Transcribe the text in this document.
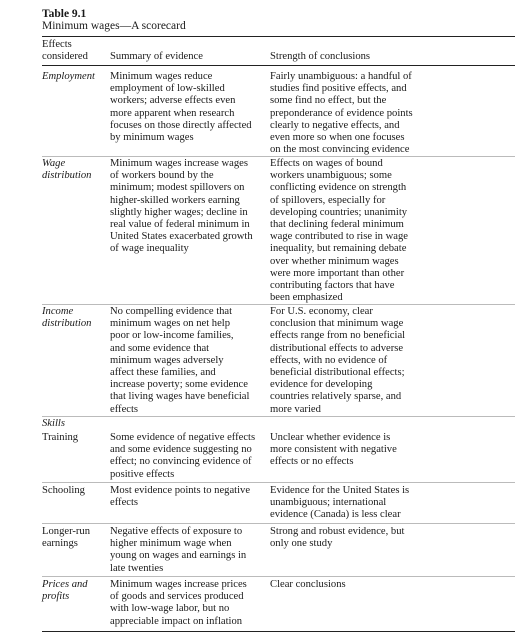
Table 9.1
Minimum wages—A scorecard
Effects
considered Summary of evidence	Strength of conclusions
Employment Minimum wages reduce
employment of low-skilled
workers; adverse effects even
more apparent when research
focuses on those directly affected
by minimum wages
Fairly unambiguous: a handful of
studies find positive effects, and
some find no effect, but the
preponderance of evidence points
clearly to negative effects, and
even more so when one focuses
on the most convincing evidence
Wage
distribution
Minimum wages increase wages
of workers bound by the
minimum; modest spillovers on
higher-skilled workers earning
slightly higher wages; decline in
real value of federal minimum in
United States exacerbated growth
of wage inequality
Effects on wages of bound
workers unambiguous; some
conflicting evidence on strength
of spillovers, especially for
developing countries; unanimity
that declining federal minimum
wage contributed to rise in wage
inequality, but remaining debate
over whether minimum wages
were more important than other
contributing factors that have
been emphasized
Income
distribution
No compelling evidence that
minimum wages on net help
poor or low-income families,
and some evidence that
minimum wages adversely
affect these families, and
increase poverty; some evidence
that living wages have beneficial
effects
For U.S. economy, clear
conclusion that minimum wage
effects range from no beneficial
distributional effects to adverse
effects, with no evidence of
beneficial distributional effects;
evidence for developing
countries relatively sparse, and
more varied
Skills
Training	Some evidence of negative effects
and some evidence suggesting no
effect; no convincing evidence of
positive effects
Unclear whether evidence is
more consistent with negative
effects or no effects
Schooling Most evidence points to negative
effects
Evidence for the United States is
unambiguous; international
evidence (Canada) is less clear
Longer-run
earnings
Negative effects of exposure to
higher minimum wage when
young on wages and earnings in
late twenties
Strong and robust evidence, but
only one study
Prices and
profits
Minimum wages increase prices
of goods and services produced
with low-wage labor, but no
appreciable impact on inflation
Clear conclusions
